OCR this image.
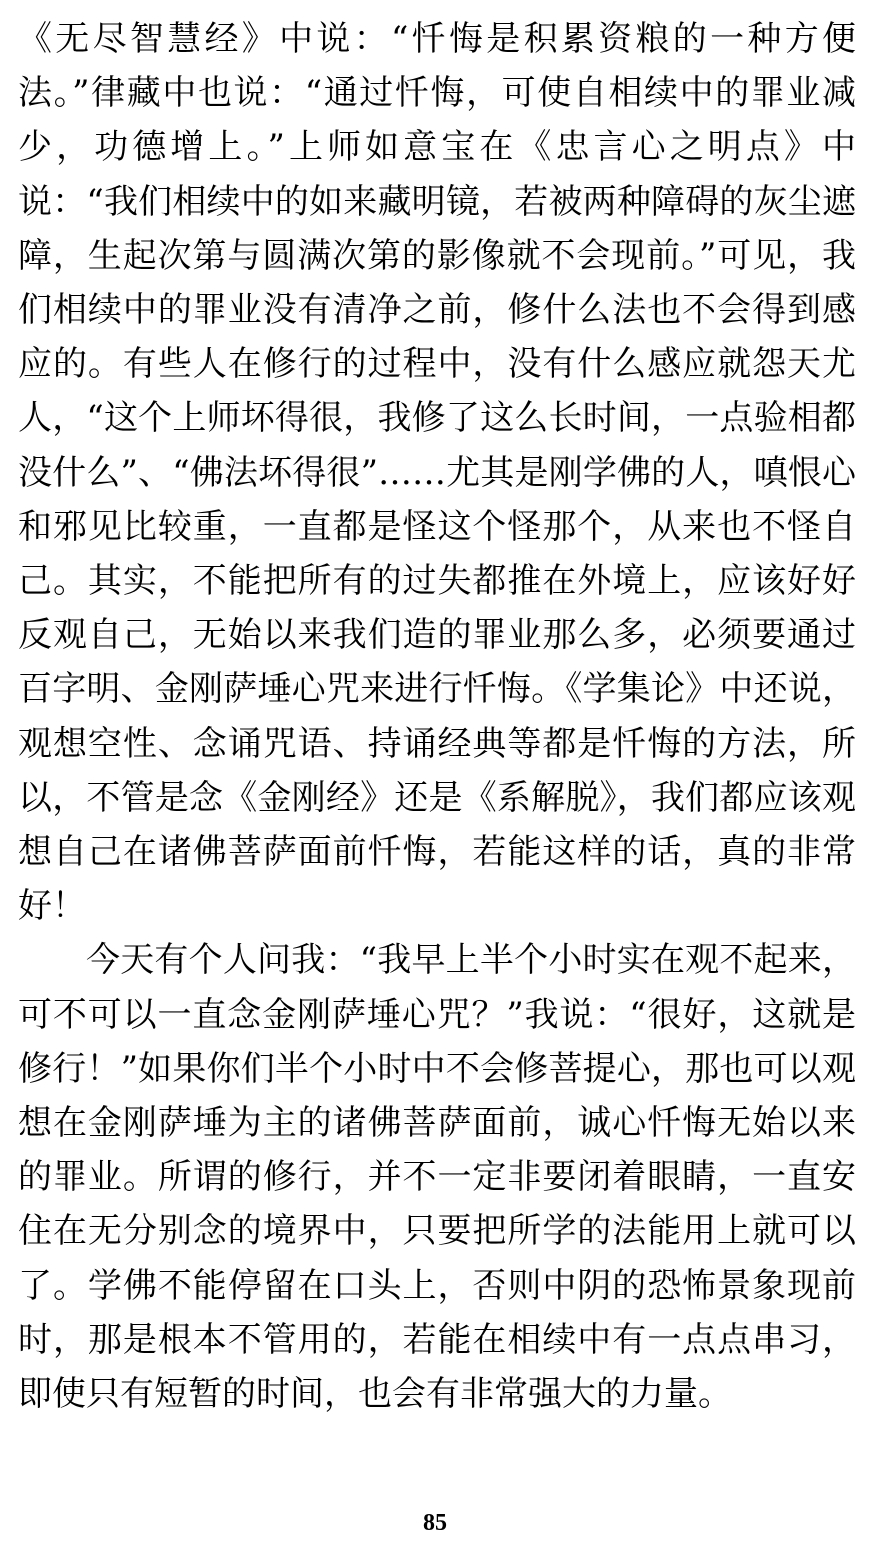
《无尽智慧经》中说：“忏悔是积累资粮的一种方便法。”律藏中也说：“通过忏悔，可使自相续中的罪业减少，功德增上。”上师如意宝在《忠言心之明点》中说：“我们相续中的如来藏明镜，若被两种障碍的灰尘遮障，生起次第与圆满次第的影像就不会现前。”可见，我们相续中的罪业没有清净之前，修什么法也不会得到感应的。有些人在修行的过程中，没有什么感应就怨天尤人，“这个上师坏得很，我修了这么长时间，一点验相都没什么”、“佛法坏得很”……尤其是刚学佛的人，嗔恨心和邪见比较重，一直都是怪这个怪那个，从来也不怪自己。其实，不能把所有的过失都推在外境上，应该好好反观自己，无始以来我们造的罪业那么多，必须要通过百字明、金刚萨埵心咒来进行忏悔。《学集论》中还说，观想空性、念诵咒语、持诵经典等都是忏悔的方法，所以，不管是念《金刚经》还是《系解脱》，我们都应该观想自己在诸佛菩萨面前忏悔，若能这样的话，真的非常好！

今天有个人问我：“我早上半个小时实在观不起来，可不可以一直念金刚萨埵心咒？”我说：“很好，这就是修行！”如果你们半个小时中不会修菩提心，那也可以观想在金刚萨埵为主的诸佛菩萨面前，诚心忏悔无始以来的罪业。所谓的修行，并不一定非要闭着眼睛，一直安住在无分别念的境界中，只要把所学的法能用上就可以了。学佛不能停留在口头上，否则中阴的恐怖景象现前时，那是根本不管用的，若能在相续中有一点点串习，即使只有短暂的时间，也会有非常强大的力量。

85
